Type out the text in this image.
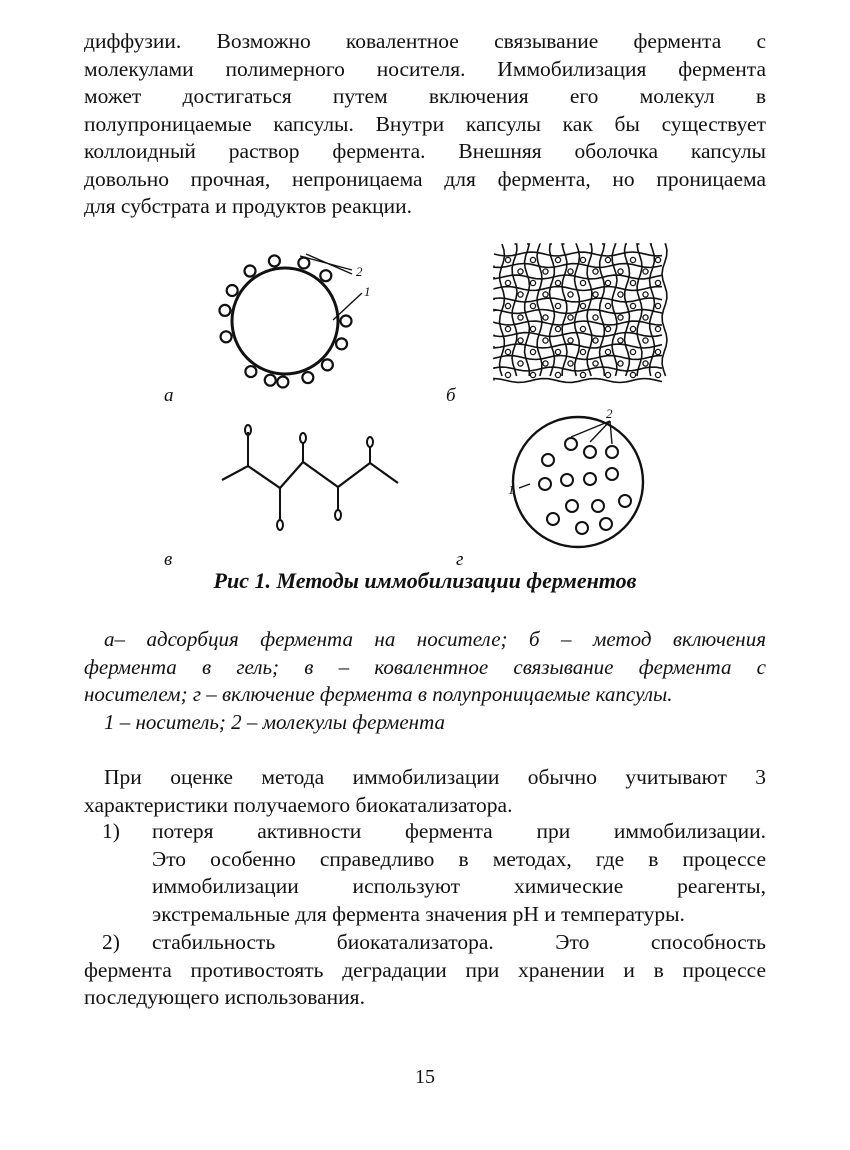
диффузии. Возможно ковалентное связывание фермента с
молекулами полимерного носителя. Иммобилизация фермента
может достигаться путем включения его молекул в
полупроницаемые капсулы. Внутри капсулы как бы существует
коллоидный раствор фермента. Внешняя оболочка капсулы
довольно прочная, непроницаема для фермента, но проницаема
для субстрата и продуктов реакции.
2
1
2
1
а	б
в	г
Рис 1. Методы иммобилизации ферментов
а– адсорбция фермента на носителе; б – метод включения
фермента в гель; в – ковалентное связывание фермента с
носителем; г – включение фермента в полупроницаемые капсулы.
1 – носитель; 2 – молекулы фермента
При оценке метода иммобилизации обычно учитывают 3
характеристики получаемого биокатализатора.
1) потеря активности фермента при иммобилизации.
Это особенно справедливо в методах, где в процессе
иммобилизации используют химические реагенты,
экстремальные для фермента значения pH и температуры.
2) стабильность биокатализатора. Это способность
фермента противостоять деградации при хранении и в процессе
последующего использования.
15
